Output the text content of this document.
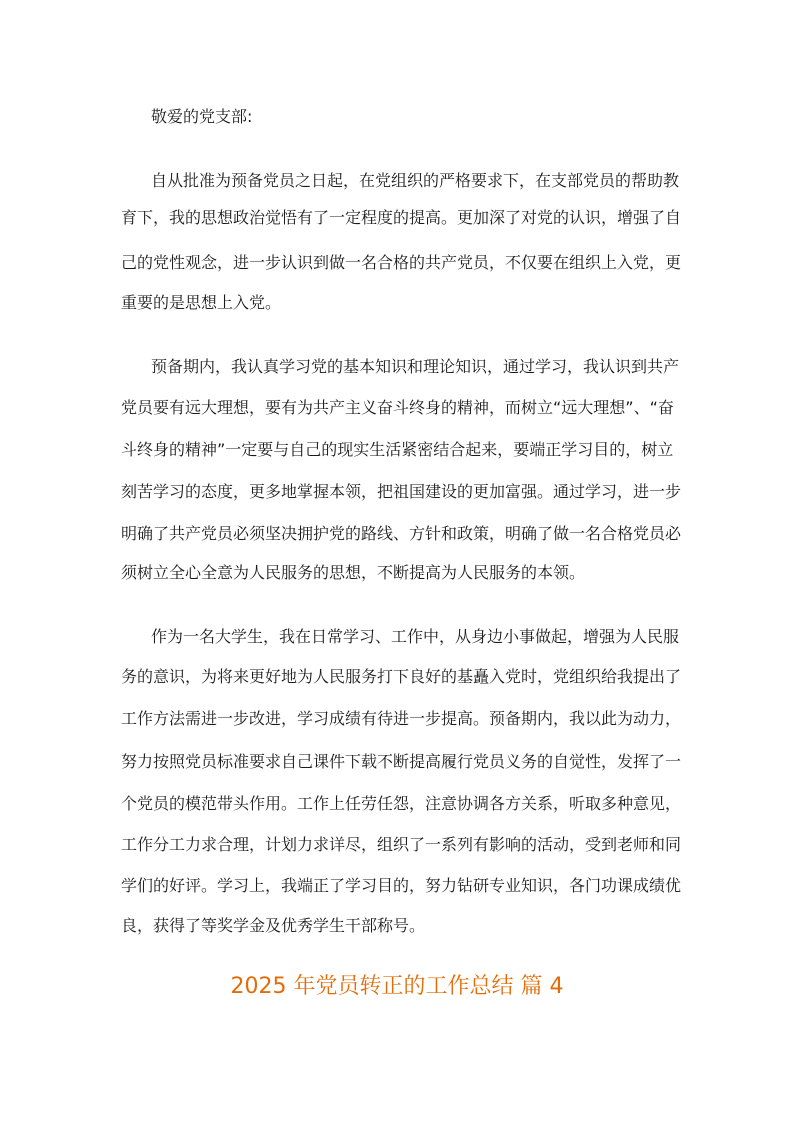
敬爱的党支部:
自从批准为预备党员之日起，在党组织的严格要求下，在支部党员的帮助教
育下，我的思想政治觉悟有了一定程度的提高。更加深了对党的认识，增强了自
己的党性观念，进一步认识到做一名合格的共产党员，不仅要在组织上入党，更
重要的是思想上入党。
预备期内，我认真学习党的基本知识和理论知识，通过学习，我认识到共产
党员要有远大理想，要有为共产主义奋斗终身的精神，而树立“远大理想”、“奋
斗终身的精神”一定要与自己的现实生活紧密结合起来，要端正学习目的，树立
刻苦学习的态度，更多地掌握本领，把祖国建设的更加富强。通过学习，进一步
明确了共产党员必须坚决拥护党的路线、方针和政策，明确了做一名合格党员必
须树立全心全意为人民服务的思想，不断提高为人民服务的本领。
作为一名大学生，我在日常学习、工作中，从身边小事做起，增强为人民服
务的意识，为将来更好地为人民服务打下良好的基矗入党时，党组织给我提出了
工作方法需进一步改进，学习成绩有待进一步提高。预备期内，我以此为动力，
努力按照党员标准要求自己课件下载不断提高履行党员义务的自觉性，发挥了一
个党员的模范带头作用。工作上任劳任怨，注意协调各方关系，听取多种意见，
工作分工力求合理，计划力求详尽，组织了一系列有影响的活动，受到老师和同
学们的好评。学习上，我端正了学习目的，努力钻研专业知识，各门功课成绩优
良，获得了等奖学金及优秀学生干部称号。
2025 年党员转正的工作总结 篇 4
